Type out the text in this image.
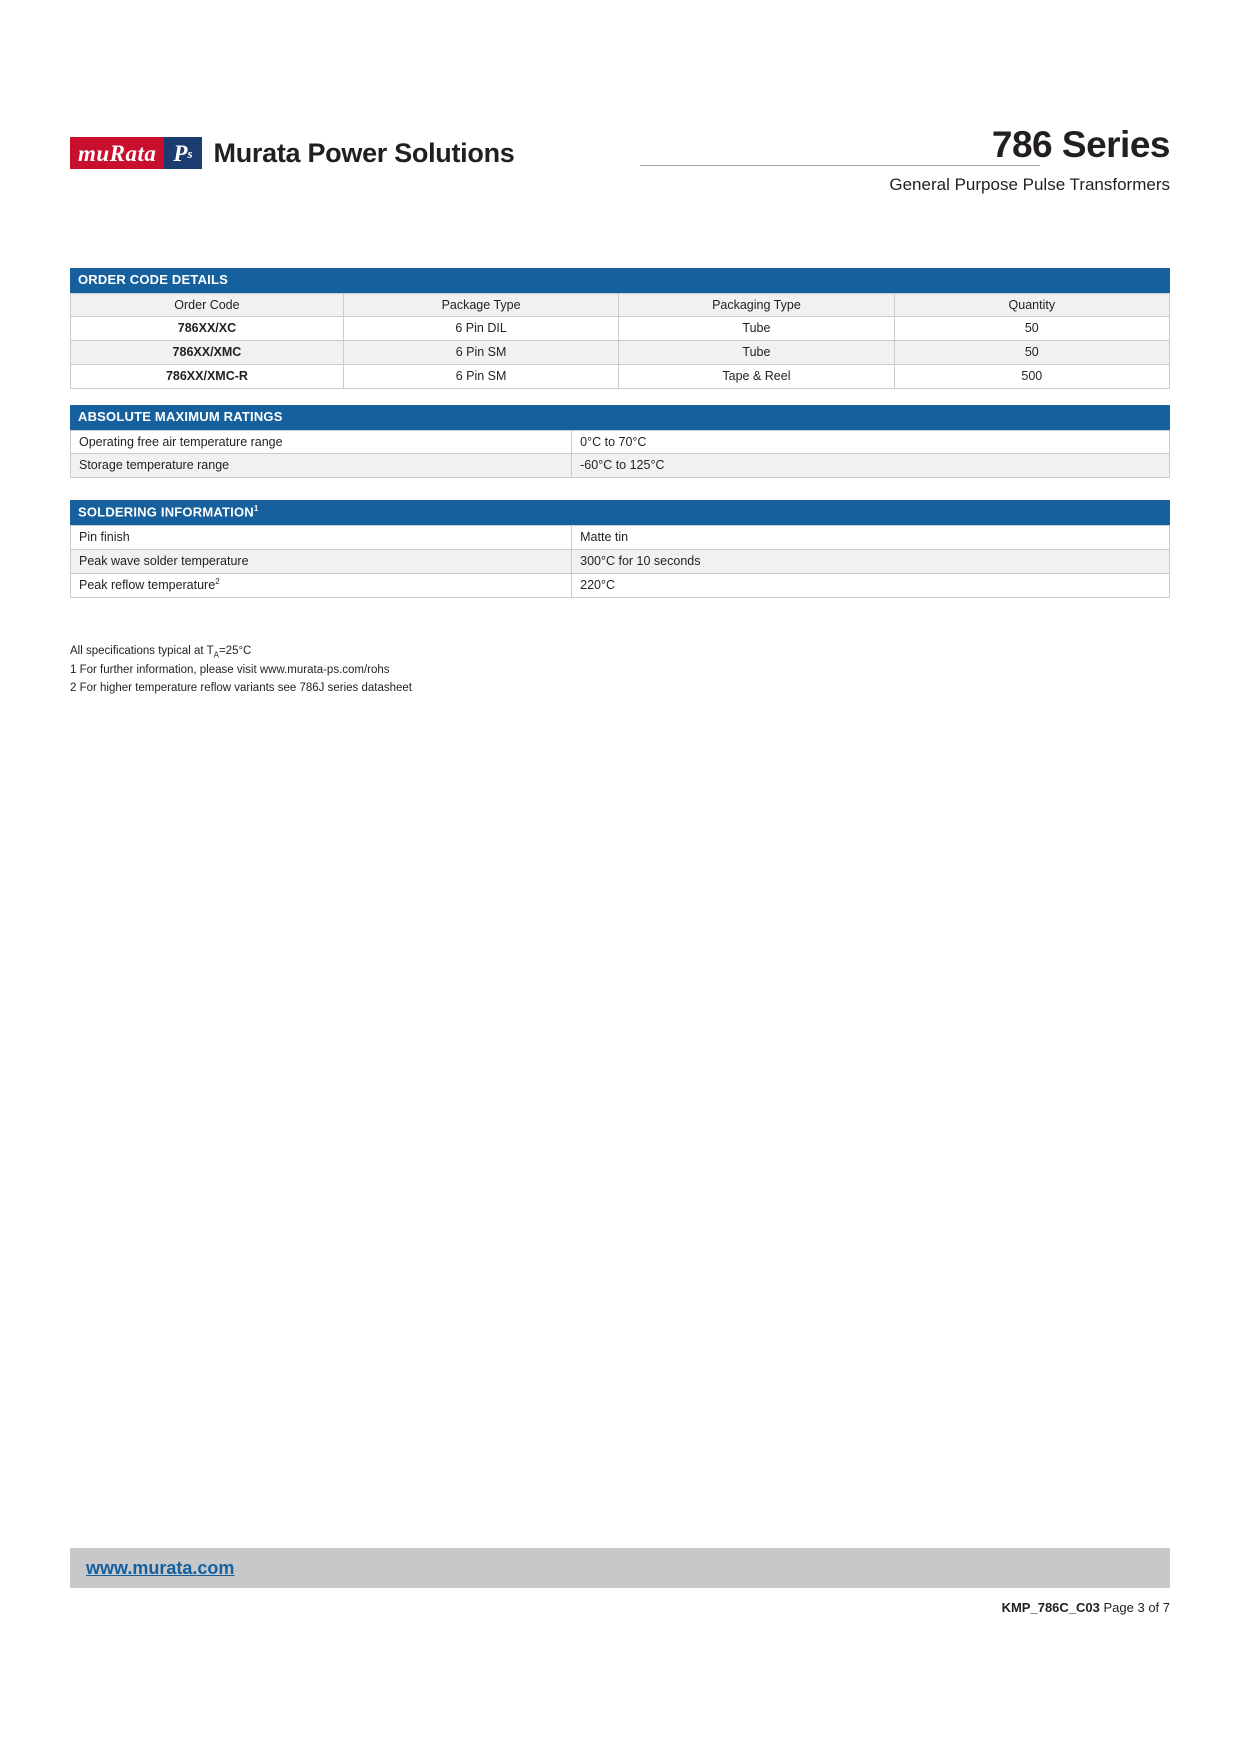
muRata P s Murata Power Solutions	786 Series
General Purpose Pulse Transformers
ORDER CODE DETAILS
Order Code	Package Type	Packaging Type	Quantity
786XX/XC	6 Pin DIL	Tube	50
786XX/XMC	6 Pin SM	Tube	50
786XX/XMC-R	6 Pin SM	Tape & Reel	500
ABSOLUTE MAXIMUM RATINGS
Operating free air temperature range	0°C to 70°C
Storage temperature range	-60°C to 125°C
SOLDERING INFORMATION$^1$
Pin finish	Matte tin
Peak wave solder temperature	300°C for 10 seconds
Peak reflow temperature$^2$	220°C
All specifications typical at $T_A=25^\circ C$
1 For further information, please visit www.murata-ps.com/rohs
2 For higher temperature reflow variants see 786J series datasheet
www.murata.com
KMP_786C_C03 Page 3 of 7
